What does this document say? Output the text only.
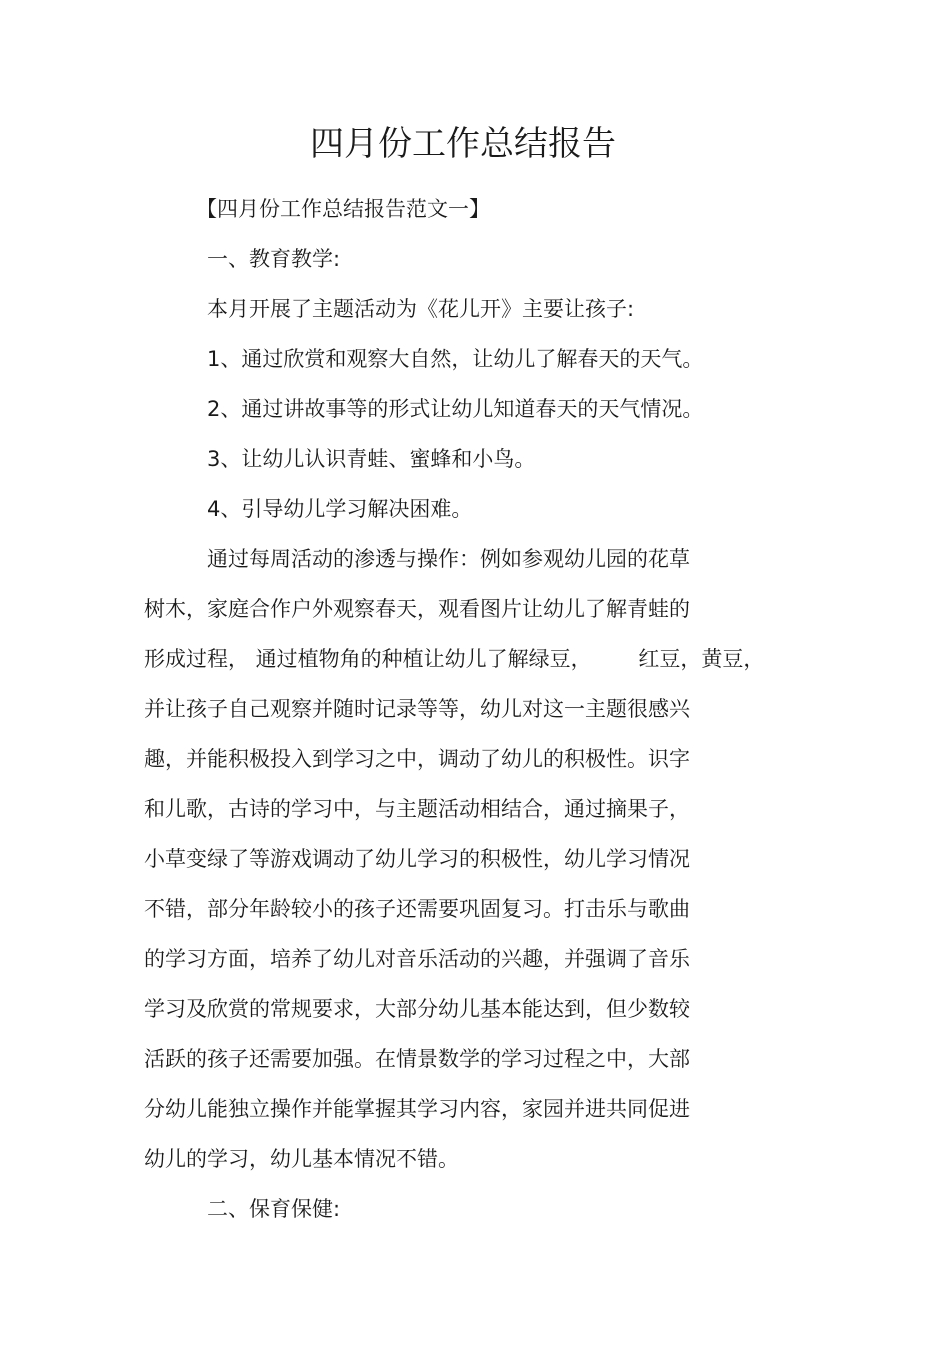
四月份工作总结报告

【四月份工作总结报告范文一】

一、教育教学:

本月开展了主题活动为《花儿开》主要让孩子:

1、通过欣赏和观察大自然，让幼儿了解春天的天气。

2、通过讲故事等的形式让幼儿知道春天的天气情况。

3、让幼儿认识青蛙、蜜蜂和小鸟。

4、引导幼儿学习解决困难。

通过每周活动的渗透与操作：例如参观幼儿园的花草

树木，家庭合作户外观察春天，观看图片让幼儿了解青蛙的

形成过程， 通过植物角的种植让幼儿了解绿豆，       红豆，黄豆，

并让孩子自己观察并随时记录等等，幼儿对这一主题很感兴

趣，并能积极投入到学习之中，调动了幼儿的积极性。识字

和儿歌，古诗的学习中，与主题活动相结合，通过摘果子，

小草变绿了等游戏调动了幼儿学习的积极性，幼儿学习情况

不错，部分年龄较小的孩子还需要巩固复习。打击乐与歌曲

的学习方面，培养了幼儿对音乐活动的兴趣，并强调了音乐

学习及欣赏的常规要求，大部分幼儿基本能达到，但少数较

活跃的孩子还需要加强。在情景数学的学习过程之中，大部

分幼儿能独立操作并能掌握其学习内容，家园并进共同促进

幼儿的学习，幼儿基本情况不错。

二、保育保健:
